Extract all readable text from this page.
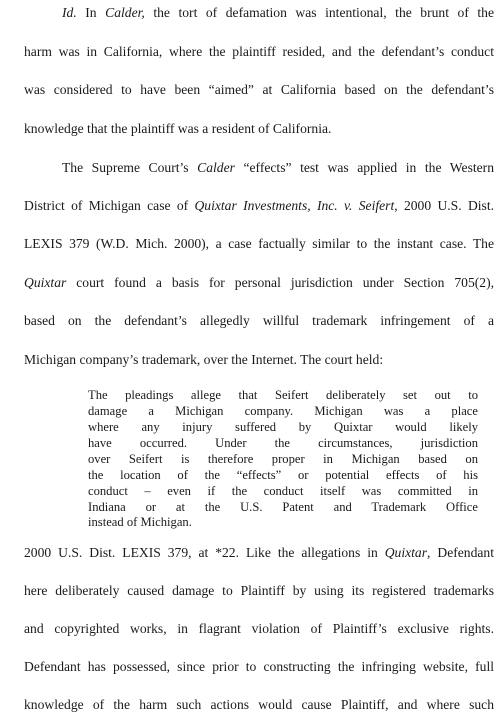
Id. In Calder, the tort of defamation was intentional, the brunt of the
harm was in California, where the plaintiff resided, and the defendant’s conduct
was considered to have been “aimed” at California based on the defendant’s
knowledge that the plaintiff was a resident of California.
The Supreme Court’s Calder “effects” test was applied in the Western
District of Michigan case of Quixtar Investments, Inc. v. Seifert, 2000 U.S. Dist.
LEXIS 379 (W.D. Mich. 2000), a case factually similar to the instant case. The
Quixtar court found a basis for personal jurisdiction under Section 705(2),
based on the defendant’s allegedly willful trademark infringement of a
Michigan company’s trademark, over the Internet. The court held:
The pleadings allege that Seifert deliberately set out to
damage a Michigan company. Michigan was a place
where any injury suffered by Quixtar would likely
have occurred. Under the circumstances, jurisdiction
over Seifert is therefore proper in Michigan based on
the location of the “effects” or potential effects of his
conduct – even if the conduct itself was committed in
Indiana or at the U.S. Patent and Trademark Office
instead of Michigan.
2000 U.S. Dist. LEXIS 379, at *22. Like the allegations in Quixtar, Defendant
here deliberately caused damage to Plaintiff by using its registered trademarks
and copyrighted works, in flagrant violation of Plaintiff’s exclusive rights.
Defendant has possessed, since prior to constructing the infringing website, full
knowledge of the harm such actions would cause Plaintiff, and where such
